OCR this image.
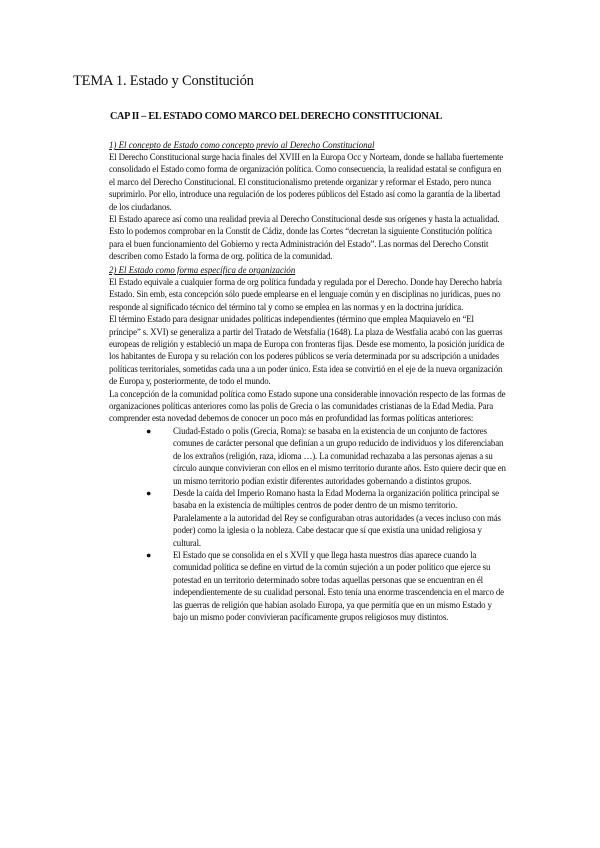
TEMA 1. Estado y Constitución
CAP II – EL ESTADO COMO MARCO DEL DERECHO CONSTITUCIONAL

1) El concepto de Estado como concepto previo al Derecho Constitucional

El Derecho Constitucional surge hacia finales del XVIII en la Europa Occ y Norteam, donde se hallaba fuertemente consolidado el Estado como forma de organización política. Como consecuencia, la realidad estatal se configura en el marco del Derecho Constitucional. El constitucionalismo pretende organizar y reformar el Estado, pero nunca suprimirlo. Por ello, introduce una regulación de los poderes públicos del Estado así como la garantía de la libertad de los ciudadanos.

El Estado aparece así como una realidad previa al Derecho Constitucional desde sus orígenes y hasta la actualidad. Esto lo podemos comprobar en la Constit de Cádiz, donde las Cortes “decretan la siguiente Constitución política para el buen funcionamiento del Gobierno y recta Administración del Estado”. Las normas del Derecho Constit describen como Estado la forma de org. política de la comunidad.

2) El Estado como forma específica de organización

El Estado equivale a cualquier forma de org política fundada y regulada por el Derecho. Donde hay Derecho habría Estado. Sin emb, esta concepción sólo puede emplearse en el lenguaje común y en disciplinas no jurídicas, pues no responde al significado técnico del término tal y como se emplea en las normas y en la doctrina jurídica.

El término Estado para designar unidades políticas independientes (término que emplea Maquiavelo en “El príncipe” s. XVI) se generaliza a partir del Tratado de Wetsfalia (1648). La plaza de Westfalia acabó con las guerras europeas de religión y estableció un mapa de Europa con fronteras fijas. Desde ese momento, la posición jurídica de los habitantes de Europa y su relación con los poderes públicos se vería determinada por su adscripción a unidades políticas territoriales, sometidas cada una a un poder único. Esta idea se convirtió en el eje de la nueva organización de Europa y, posteriormente, de todo el mundo.

La concepción de la comunidad política como Estado supone una considerable innovación respecto de las formas de organizaciones políticas anteriores como las polis de Grecia o las comunidades cristianas de la Edad Media. Para comprender esta novedad debemos de conocer un poco más en profundidad las formas políticas anteriores:

● Ciudad-Estado o polis (Grecia, Roma): se basaba en la existencia de un conjunto de factores comunes de carácter personal que definían a un grupo reducido de individuos y los diferenciaban de los extraños (religión, raza, idioma …). La comunidad rechazaba a las personas ajenas a su círculo aunque convivieran con ellos en el mismo territorio durante años. Esto quiere decir que en un mismo territorio podían existir diferentes autoridades gobernando a distintos grupos.
● Desde la caída del Imperio Romano hasta la Edad Moderna la organización política principal se basaba en la existencia de múltiples centros de poder dentro de un mismo territorio. Paralelamente a la autoridad del Rey se configuraban otras autoridades (a veces incluso con más poder) como la iglesia o la nobleza. Cabe destacar que sí que existía una unidad religiosa y cultural.
● El Estado que se consolida en el s XVII y que llega hasta nuestros días aparece cuando la comunidad política se define en virtud de la común sujeción a un poder político que ejerce su potestad en un territorio determinado sobre todas aquellas personas que se encuentran en él independientemente de su cualidad personal. Esto tenía una enorme trascendencia en el marco de las guerras de religión que habían asolado Europa, ya que permitía que en un mismo Estado y bajo un mismo poder convivieran pacíficamente grupos religiosos muy distintos.
